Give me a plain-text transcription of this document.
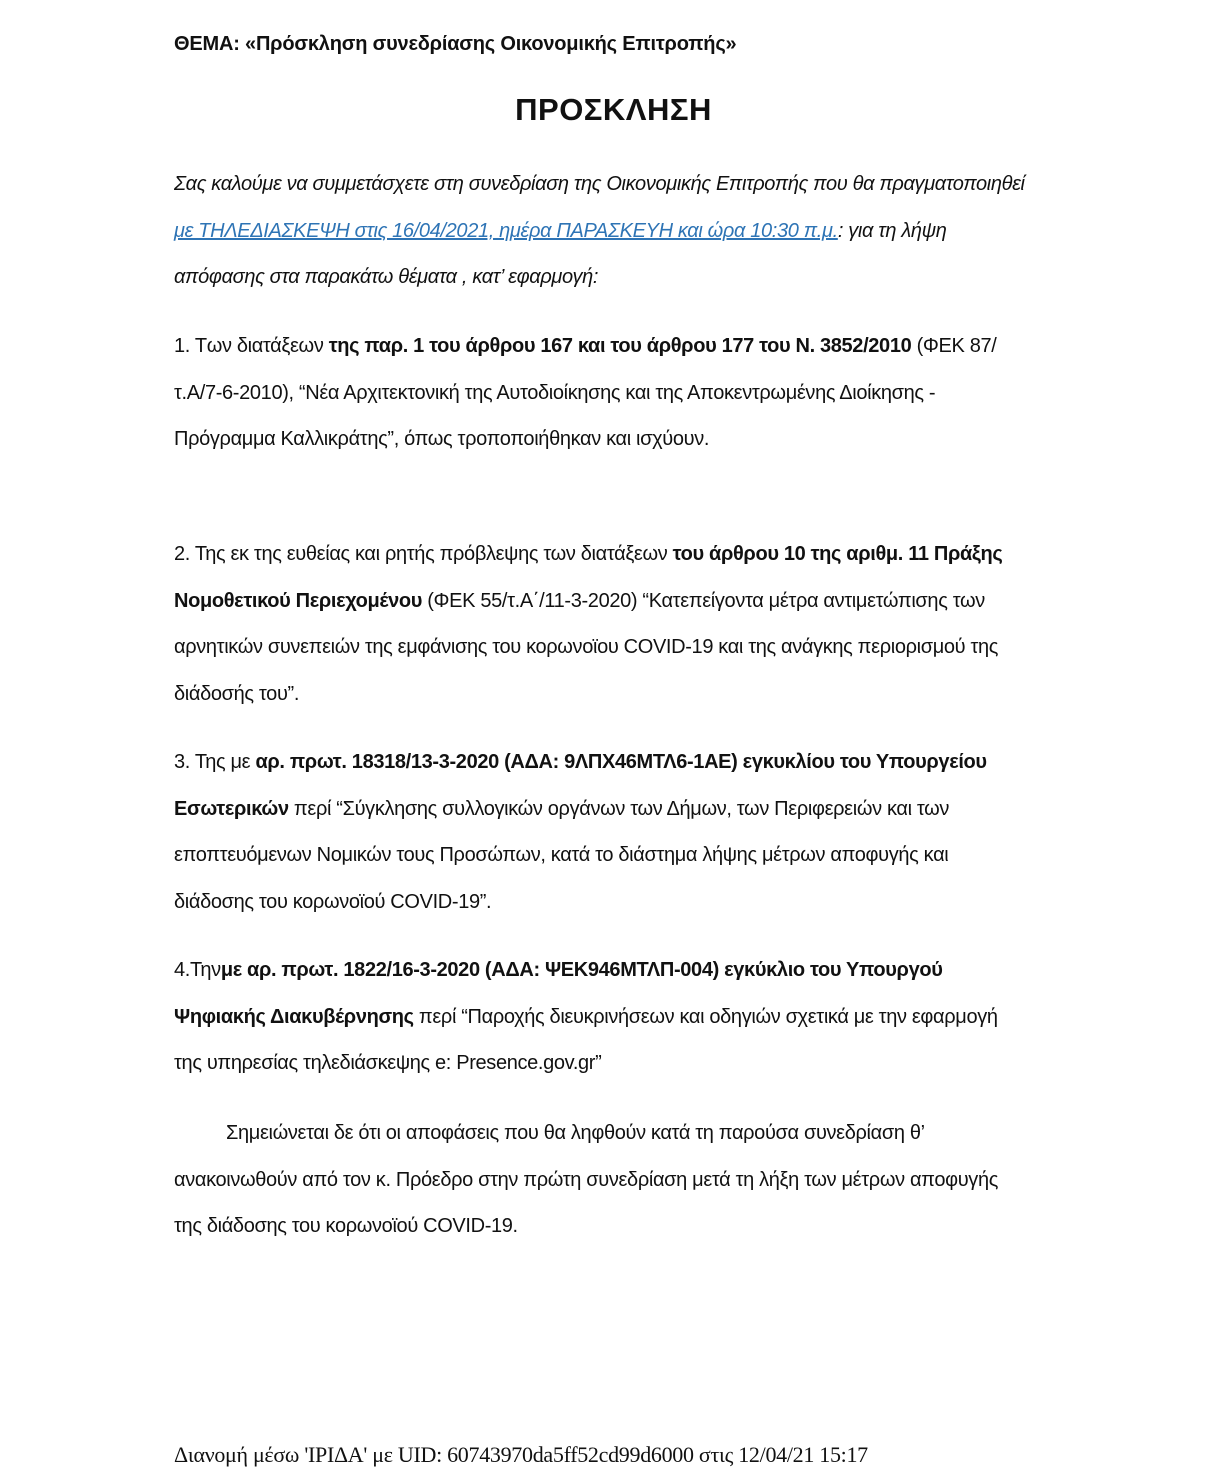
ΘΕΜΑ: «Πρόσκληση συνεδρίασης Οικονομικής Επιτροπής»
ΠΡΟΣΚΛΗΣΗ
Σας καλούμε να συμμετάσχετε στη συνεδρίαση της Οικονομικής Επιτροπής που θα πραγματοποιηθεί με ΤΗΛΕΔΙΑΣΚΕΨΗ στις 16/04/2021, ημέρα ΠΑΡΑΣΚΕΥΗ και ώρα 10:30 π.μ.: για τη λήψη απόφασης στα παρακάτω θέματα , κατ’ εφαρμογή:
1. Των διατάξεων της παρ. 1 του άρθρου 167 και του άρθρου 177 του Ν. 3852/2010 (ΦΕΚ 87/τ.Α/7-6-2010), “Νέα Αρχιτεκτονική της Αυτοδιοίκησης και της Αποκεντρωμένης Διοίκησης - Πρόγραμμα Καλλικράτης”, όπως τροποποιήθηκαν και ισχύουν.
2. Της εκ της ευθείας και ρητής πρόβλεψης των διατάξεων του άρθρου 10 της αριθμ. 11 Πράξης Νομοθετικού Περιεχομένου (ΦΕΚ 55/τ.Α΄/11-3-2020) “Κατεπείγοντα μέτρα αντιμετώπισης των αρνητικών συνεπειών της εμφάνισης του κορωνοϊου COVID-19 και της ανάγκης περιορισμού της διάδοσής του”.
3. Της με αρ. πρωτ. 18318/13-3-2020 (ΑΔΑ: 9ΛΠΧ46ΜΤΛ6-1ΑΕ) εγκυκλίου του Υπουργείου Εσωτερικών περί “Σύγκλησης συλλογικών οργάνων των Δήμων, των Περιφερειών και των εποπτευόμενων Νομικών τους Προσώπων, κατά το διάστημα λήψης μέτρων αποφυγής και διάδοσης του κορωνοϊού COVID-19”.
4.Τηνμε αρ. πρωτ. 1822/16-3-2020 (ΑΔΑ: ΨΕΚ946ΜΤΛΠ-004) εγκύκλιο του Υπουργού Ψηφιακής Διακυβέρνησης περί “Παροχής διευκρινήσεων και οδηγιών σχετικά με την εφαρμογή της υπηρεσίας τηλεδιάσκεψης e: Presence.gov.gr”
Σημειώνεται δε ότι οι αποφάσεις που θα ληφθούν κατά τη παρούσα συνεδρίαση θ’ ανακοινωθούν από τον κ. Πρόεδρο στην πρώτη συνεδρίαση μετά τη λήξη των μέτρων αποφυγής της διάδοσης του κορωνοϊού COVID-19.
Διανομή μέσω 'ΙΡΙΔΑ' με UID: 60743970da5ff52cd99d6000 στις 12/04/21 15:17
